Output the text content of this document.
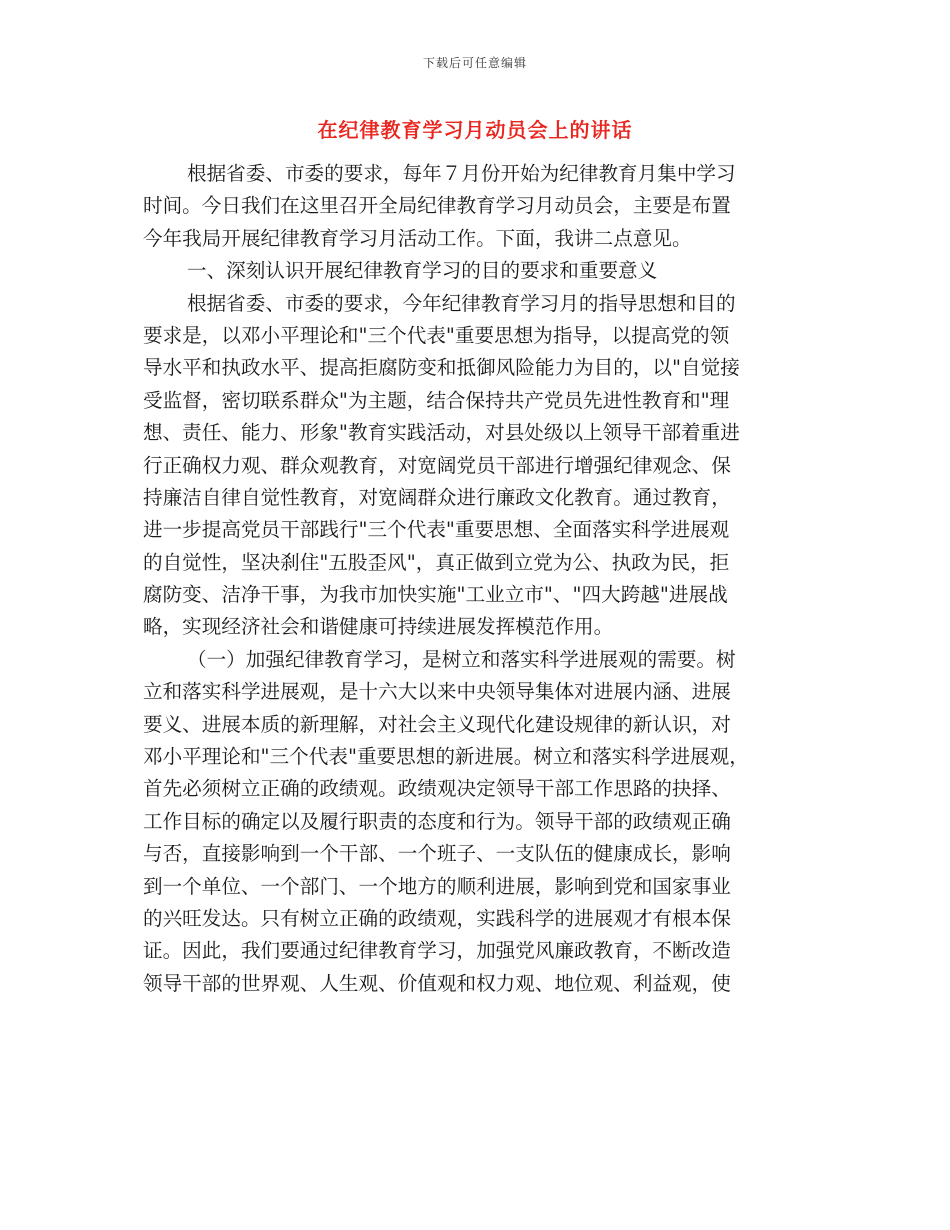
下载后可任意编辑
在纪律教育学习月动员会上的讲话
根据省委、市委的要求，每年７月份开始为纪律教育月集中学习
时间。今日我们在这里召开全局纪律教育学习月动员会，主要是布置
今年我局开展纪律教育学习月活动工作。下面，我讲二点意见。
一、深刻认识开展纪律教育学习的目的要求和重要意义
根据省委、市委的要求，今年纪律教育学习月的指导思想和目的
要求是，以邓小平理论和"三个代表"重要思想为指导，以提高党的领
导水平和执政水平、提高拒腐防变和抵御风险能力为目的，以"自觉接
受监督，密切联系群众"为主题，结合保持共产党员先进性教育和"理
想、责任、能力、形象"教育实践活动，对县处级以上领导干部着重进
行正确权力观、群众观教育，对宽阔党员干部进行增强纪律观念、保
持廉洁自律自觉性教育，对宽阔群众进行廉政文化教育。通过教育，
进一步提高党员干部践行"三个代表"重要思想、全面落实科学进展观
的自觉性，坚决刹住"五股歪风"，真正做到立党为公、执政为民，拒
腐防变、洁净干事，为我市加快实施"工业立市"、"四大跨越"进展战
略，实现经济社会和谐健康可持续进展发挥模范作用。
（一）加强纪律教育学习，是树立和落实科学进展观的需要。树
立和落实科学进展观，是十六大以来中央领导集体对进展内涵、进展
要义、进展本质的新理解，对社会主义现代化建设规律的新认识，对
邓小平理论和"三个代表"重要思想的新进展。树立和落实科学进展观，
首先必须树立正确的政绩观。政绩观决定领导干部工作思路的抉择、
工作目标的确定以及履行职责的态度和行为。领导干部的政绩观正确
与否，直接影响到一个干部、一个班子、一支队伍的健康成长，影响
到一个单位、一个部门、一个地方的顺利进展，影响到党和国家事业
的兴旺发达。只有树立正确的政绩观，实践科学的进展观才有根本保
证。因此，我们要通过纪律教育学习，加强党风廉政教育，不断改造
领导干部的世界观、人生观、价值观和权力观、地位观、利益观，使
